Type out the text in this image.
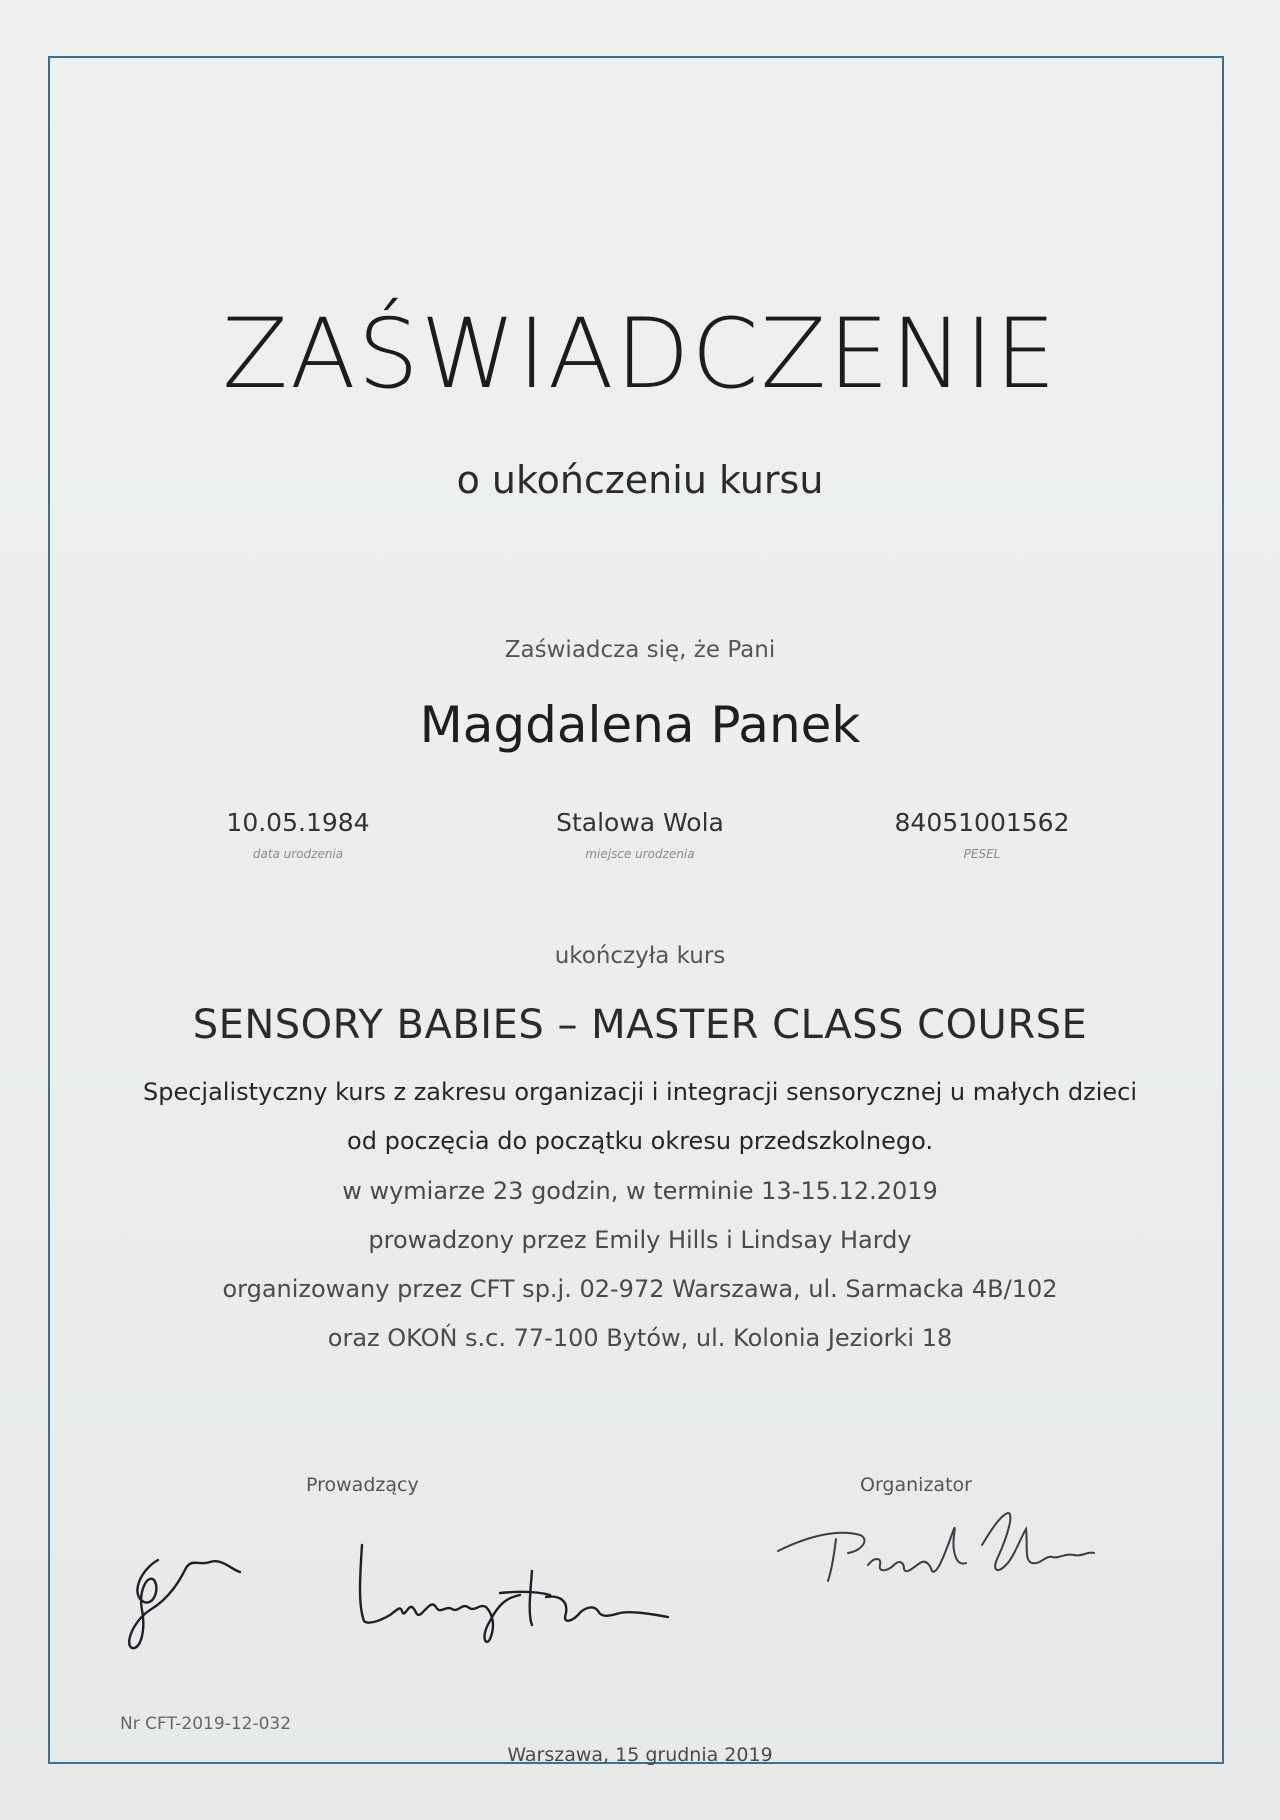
ZAŚWIADCZENIE
o ukończeniu kursu
Zaświadcza się, że Pani
Magdalena Panek
10.05.1984
data urodzenia
Stalowa Wola
miejsce urodzenia
84051001562
PESEL
ukończyła kurs
SENSORY BABIES – MASTER CLASS COURSE
Specjalistyczny kurs z zakresu organizacji i integracji sensorycznej u małych dzieci
od poczęcia do początku okresu przedszkolnego.
w wymiarze 23 godzin, w terminie 13-15.12.2019
prowadzony przez Emily Hills i Lindsay Hardy
organizowany przez CFT sp.j. 02-972 Warszawa, ul. Sarmacka 4B/102
oraz OKOŃ s.c. 77-100 Bytów, ul. Kolonia Jeziorki 18
Prowadzący	Organizator
Nr CFT-2019-12-032
Warszawa, 15 grudnia 2019
